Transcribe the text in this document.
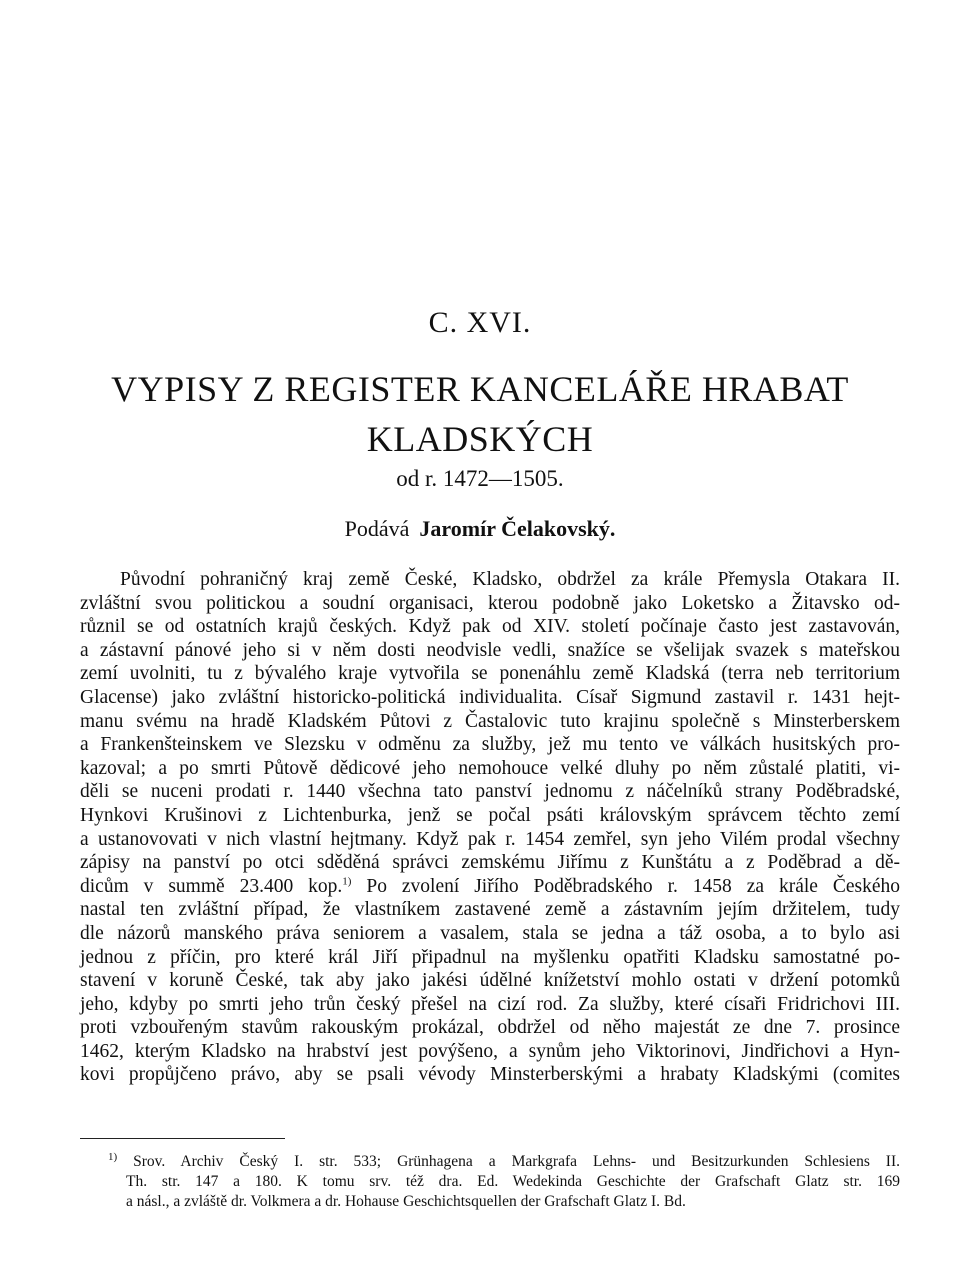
C. XVI.
VYPISY Z REGISTER KANCELÁŘE HRABAT
KLADSKÝCH
od r. 1472—1505.
Podává Jaromír Čelakovský.
Původní pohraničný kraj země České, Kladsko, obdržel za krále Přemysla Otakara II.
zvláštní svou politickou a soudní organisaci, kterou podobně jako Loketsko a Žitavsko od-
různil se od ostatních krajů českých. Když pak od XIV. století počínaje často jest zastavován,
a zástavní pánové jeho si v něm dosti neodvisle vedli, snažíce se všelijak svazek s mateřskou
zemí uvolniti, tu z bývalého kraje vytvořila se ponenáhlu země Kladská (terra neb territorium
Glacense) jako zvláštní historicko-politická individualita. Císař Sigmund zastavil r. 1431 hejt-
manu svému na hradě Kladském Půtovi z Častalovic tuto krajinu společně s Minsterberskem
a Frankenšteinskem ve Slezsku v odměnu za služby, jež mu tento ve válkách husitských pro-
kazoval; a po smrti Půtově dědicové jeho nemohouce velké dluhy po něm zůstalé platiti, vi-
děli se nuceni prodati r. 1440 všechna tato panství jednomu z náčelníků strany Poděbradské,
Hynkovi Krušinovi z Lichtenburka, jenž se počal psáti královským správcem těchto zemí
a ustanovovati v nich vlastní hejtmany. Když pak r. 1454 zemřel, syn jeho Vilém prodal všechny
zápisy na panství po otci sděděná správci zemskému Jiřímu z Kunštátu a z Poděbrad a dě-
dicům v summě 23.400 kop.$^{1)}$ Po zvolení Jiřího Poděbradského r. 1458 za krále Českého
nastal ten zvláštní případ, že vlastníkem zastavené země a zástavním jejím držitelem, tudy
dle názorů manského práva seniorem a vasalem, stala se jedna a táž osoba, a to bylo asi
jednou z příčin, pro které král Jiří připadnul na myšlenku opatřiti Kladsku samostatné po-
stavení v koruně České, tak aby jako jakési údělné knížetství mohlo ostati v držení potomků
jeho, kdyby po smrti jeho trůn český přešel na cizí rod. Za služby, které císaři Fridrichovi III.
proti vzbouřeným stavům rakouským prokázal, obdržel od něho majestát ze dne 7. prosince
1462, kterým Kladsko na hrabství jest povýšeno, a synům jeho Viktorinovi, Jindřichovi a Hyn-
kovi propůjčeno právo, aby se psali vévody Minsterberskými a hrabaty Kladskými (comites
$^{1)}$ Srov. Archiv Český I. str. 533; Grünhagena a Markgrafa Lehns- und Besitzurkunden Schlesiens II.
Th. str. 147 a 180. K tomu srv. též dra. Ed. Wedekinda Geschichte der Grafschaft Glatz str. 169
a násl., a zvláště dr. Volkmera a dr. Hohause Geschichtsquellen der Grafschaft Glatz I. Bd.
